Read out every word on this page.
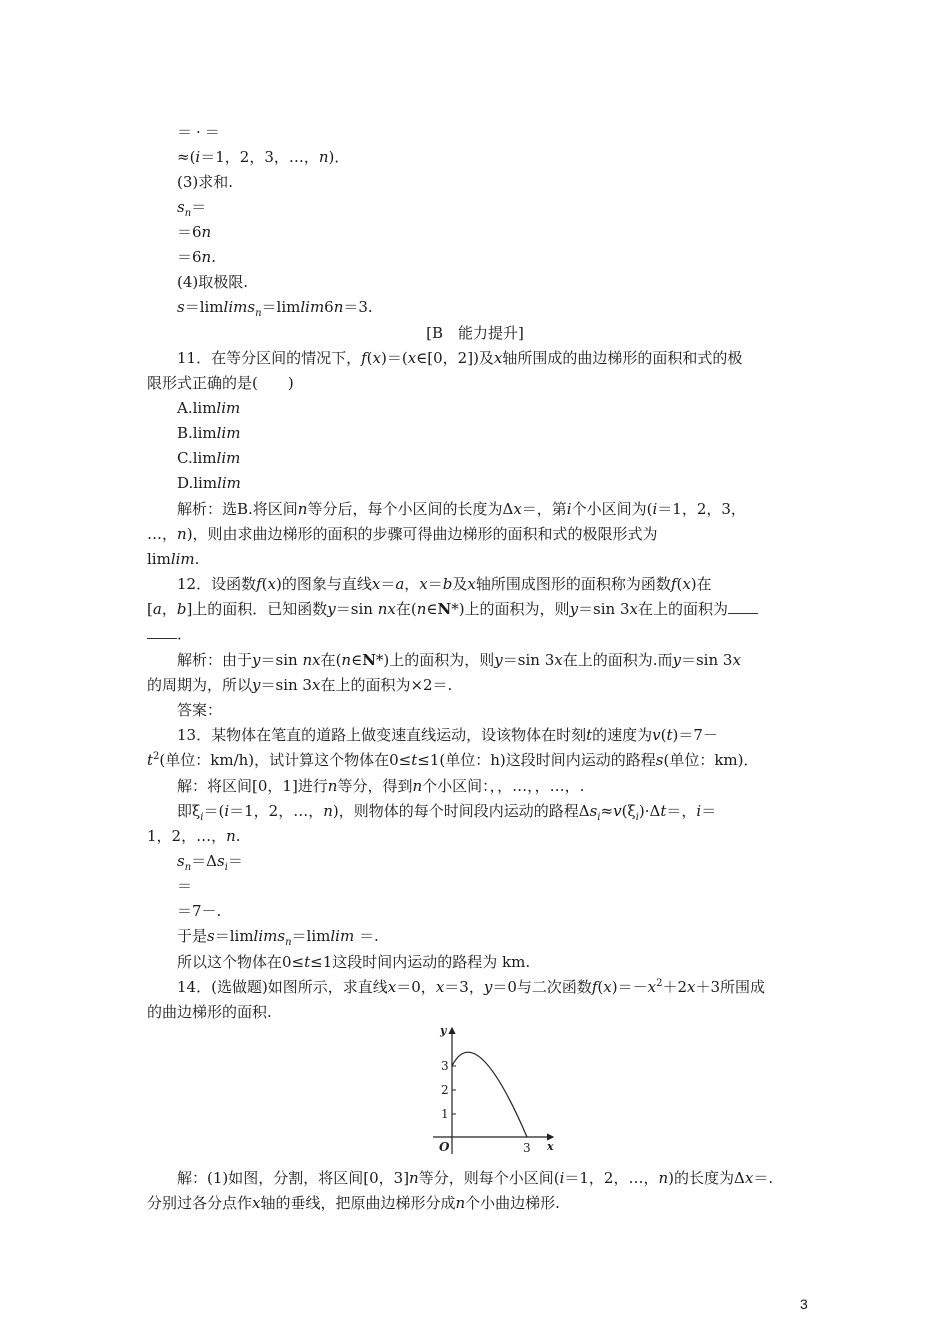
＝ · ＝
≈(i＝1，2，3，…，n)．
(3)求和.
$s_n=$
＝6n
＝6n.
(4)取极限.
s＝limlims$_n$＝limlim6n＝3.
[B　能力提升]
11．在等分区间的情况下，f(x)＝(x∈[0，2])及x轴所围成的曲边梯形的面积和式的极
限形式正确的是(　　)
A.limlim
B.limlim
C.limlim
D.limlim
解析：选B.将区间n等分后，每个小区间的长度为Δx＝，第i个小区间为(i＝1，2，3，
…，n)，则由求曲边梯形的面积的步骤可得曲边梯形的面积和式的极限形式为
limlim.
12．设函数f(x)的图象与直线x＝a，x＝b及x轴所围成图形的面积称为函数f(x)在
[a，b]上的面积．已知函数y＝sin nx在(n∈N*)上的面积为，则y＝sin 3x在上的面积为
．
解析：由于y＝sin nx在(n∈N*)上的面积为，则y＝sin 3x在上的面积为.而y＝sin 3x
的周期为，所以y＝sin 3x在上的面积为×2＝.
答案：
13．某物体在笔直的道路上做变速直线运动，设该物体在时刻t的速度为v(t)＝7－
$t^2$(单位：km/h)，试计算这个物体在0≤t≤1(单位：h)这段时间内运动的路程s(单位：km)．
解：将区间[0，1]进行n等分，得到n个小区间：，，…，，…，.
即$\xi_i=(i=1$，2，…，n)，则物体的每个时间段内运动的路程$\Delta s_i\approx v(\xi_i)\cdot\Delta t=$，i＝
1，2，…，n.
$s_n=\Delta s_i=$
＝
＝7－.
于是s＝limlims$_n$＝limlim ＝.
所以这个物体在0≤t≤1这段时间内运动的路程为 km.
14．(选做题)如图所示，求直线x＝0，x＝3，y＝0与二次函数$f(x)=-x^2+2x+3$所围成
的曲边梯形的面积.
y
x
O
3
2
1
3
解：(1)如图，分割，将区间[0，3]n等分，则每个小区间(i＝1，2，…，n)的长度为Δx＝.
分别过各分点作x轴的垂线，把原曲边梯形分成n个小曲边梯形.
3
